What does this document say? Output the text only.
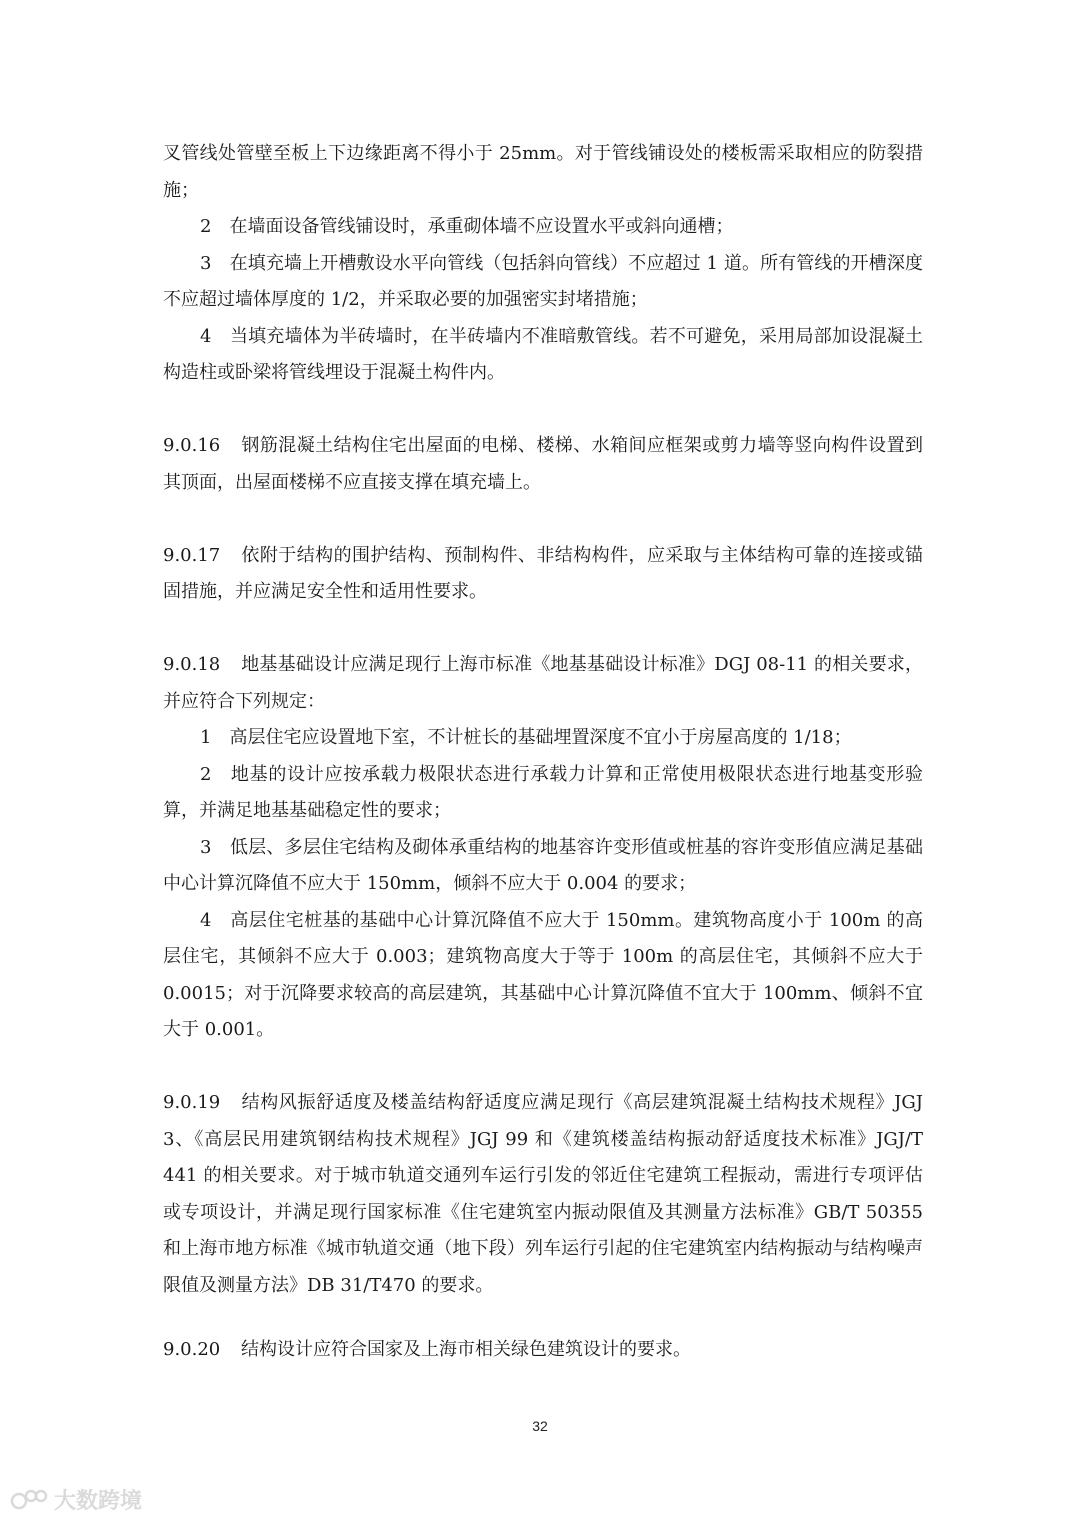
叉管线处管壁至板上下边缘距离不得小于 25mm。对于管线铺设处的楼板需采取相应的防裂措施；

2　在墙面设备管线铺设时，承重砌体墙不应设置水平或斜向通槽；

3　在填充墙上开槽敷设水平向管线（包括斜向管线）不应超过 1 道。所有管线的开槽深度不应超过墙体厚度的 1/2，并采取必要的加强密实封堵措施；

4　当填充墙体为半砖墙时，在半砖墙内不准暗敷管线。若不可避免，采用局部加设混凝土构造柱或卧梁将管线埋设于混凝土构件内。

9.0.16 钢筋混凝土结构住宅出屋面的电梯、楼梯、水箱间应框架或剪力墙等竖向构件设置到其顶面，出屋面楼梯不应直接支撑在填充墙上。

9.0.17 依附于结构的围护结构、预制构件、非结构构件，应采取与主体结构可靠的连接或锚固措施，并应满足安全性和适用性要求。

9.0.18 地基基础设计应满足现行上海市标准《地基基础设计标准》DGJ 08-11 的相关要求，并应符合下列规定：

1　高层住宅应设置地下室，不计桩长的基础埋置深度不宜小于房屋高度的 1/18；

2　地基的设计应按承载力极限状态进行承载力计算和正常使用极限状态进行地基变形验算，并满足地基基础稳定性的要求；

3　低层、多层住宅结构及砌体承重结构的地基容许变形值或桩基的容许变形值应满足基础中心计算沉降值不应大于 150mm，倾斜不应大于 0.004 的要求；

4　高层住宅桩基的基础中心计算沉降值不应大于 150mm。建筑物高度小于 100m 的高层住宅，其倾斜不应大于 0.003；建筑物高度大于等于 100m 的高层住宅，其倾斜不应大于 0.0015；对于沉降要求较高的高层建筑，其基础中心计算沉降值不宜大于 100mm、倾斜不宜大于 0.001。

9.0.19 结构风振舒适度及楼盖结构舒适度应满足现行《高层建筑混凝土结构技术规程》JGJ 3、《高层民用建筑钢结构技术规程》JGJ 99 和《建筑楼盖结构振动舒适度技术标准》JGJ/T 441 的相关要求。对于城市轨道交通列车运行引发的邻近住宅建筑工程振动，需进行专项评估或专项设计，并满足现行国家标准《住宅建筑室内振动限值及其测量方法标准》GB/T 50355 和上海市地方标准《城市轨道交通（地下段）列车运行引起的住宅建筑室内结构振动与结构噪声限值及测量方法》DB 31/T470 的要求。

9.0.20 结构设计应符合国家及上海市相关绿色建筑设计的要求。

32
大数跨境
